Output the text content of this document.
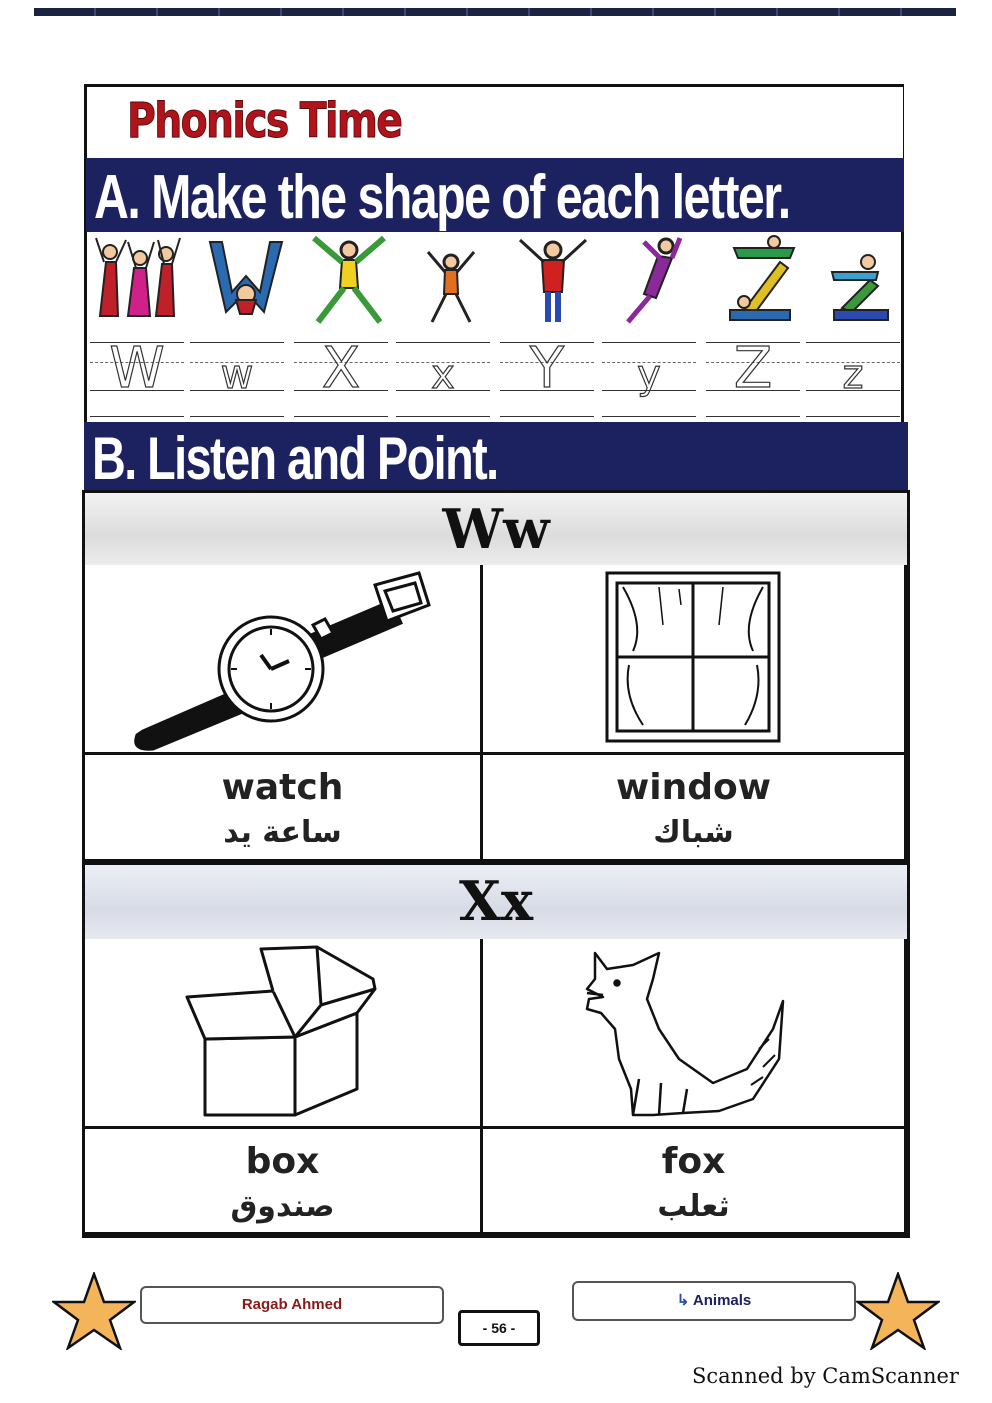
Phonics Time
A. Make the shape of each letter.
W	w	X	x	Y	y	Z	z
B. Listen and Point.
Ww
watch
ساعة يد
window
شباك
Xx
box
صندوق
fox
ثعلب
Ragab Ahmed
- 56 -
↳ Animals
Scanned by CamScanner
